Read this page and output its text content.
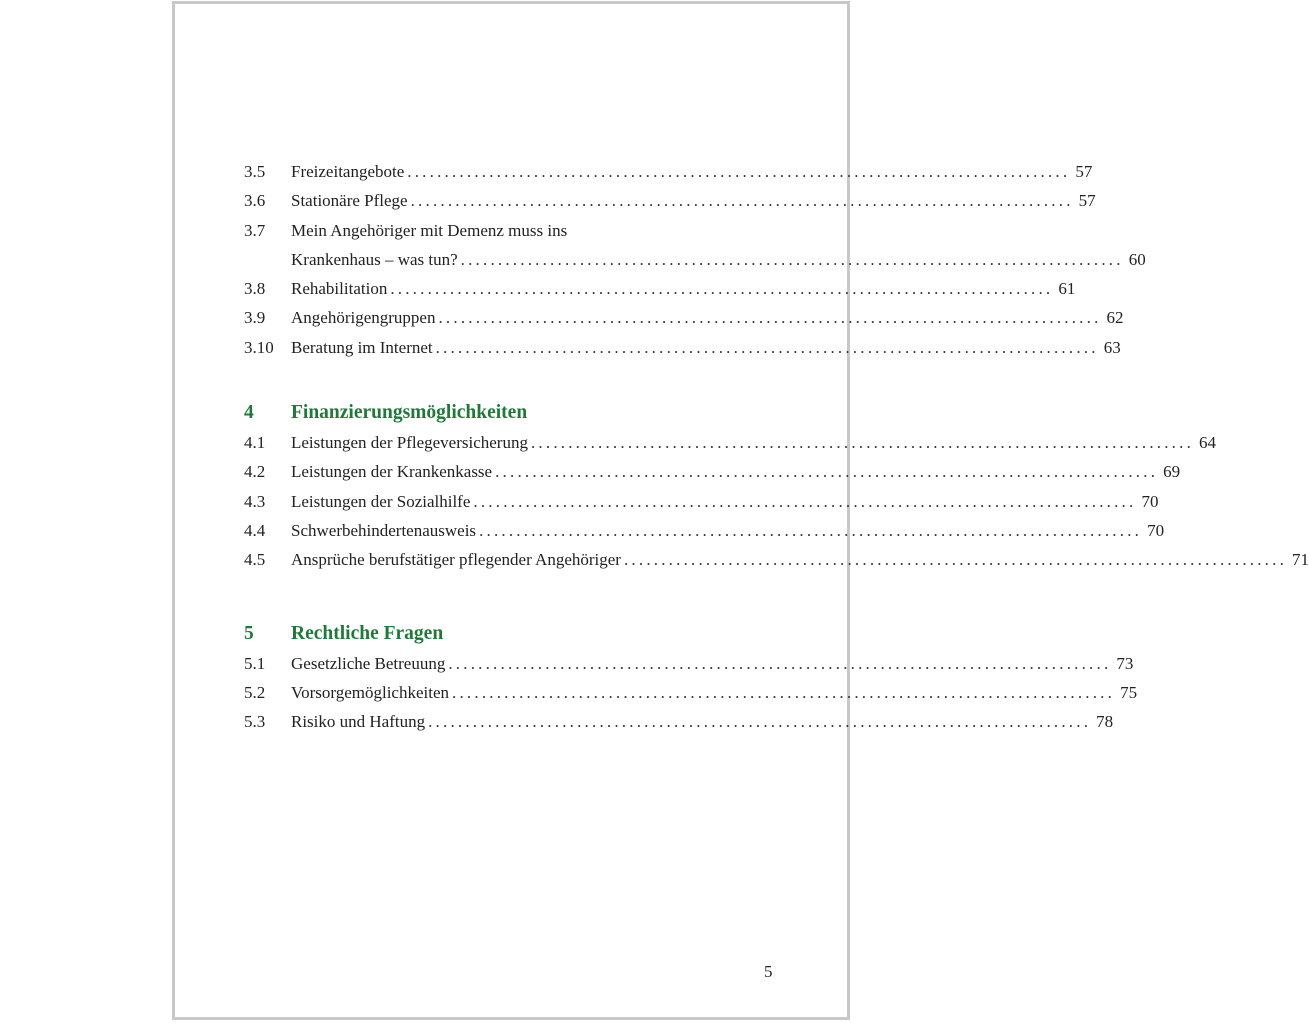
3.5	Freizeitangebote ......................................................................................... 57
3.6	Stationäre Pflege ......................................................................................... 57
3.7	Mein Angehöriger mit Demenz muss ins
Krankenhaus – was tun? ......................................................................................... 60
3.8	Rehabilitation ......................................................................................... 61
3.9	Angehörigengruppen ......................................................................................... 62
3.10	Beratung im Internet ......................................................................................... 63
4	Finanzierungsmöglichkeiten
4.1	Leistungen der Pflegeversicherung ......................................................................................... 64
4.2	Leistungen der Krankenkasse ......................................................................................... 69
4.3	Leistungen der Sozialhilfe ......................................................................................... 70
4.4	Schwerbehindertenausweis ......................................................................................... 70
4.5	Ansprüche berufstätiger pflegender Angehöriger ......................................................................................... 71
5	Rechtliche Fragen
5.1	Gesetzliche Betreuung ......................................................................................... 73
5.2	Vorsorgemöglichkeiten ......................................................................................... 75
5.3	Risiko und Haftung ......................................................................................... 78
5
